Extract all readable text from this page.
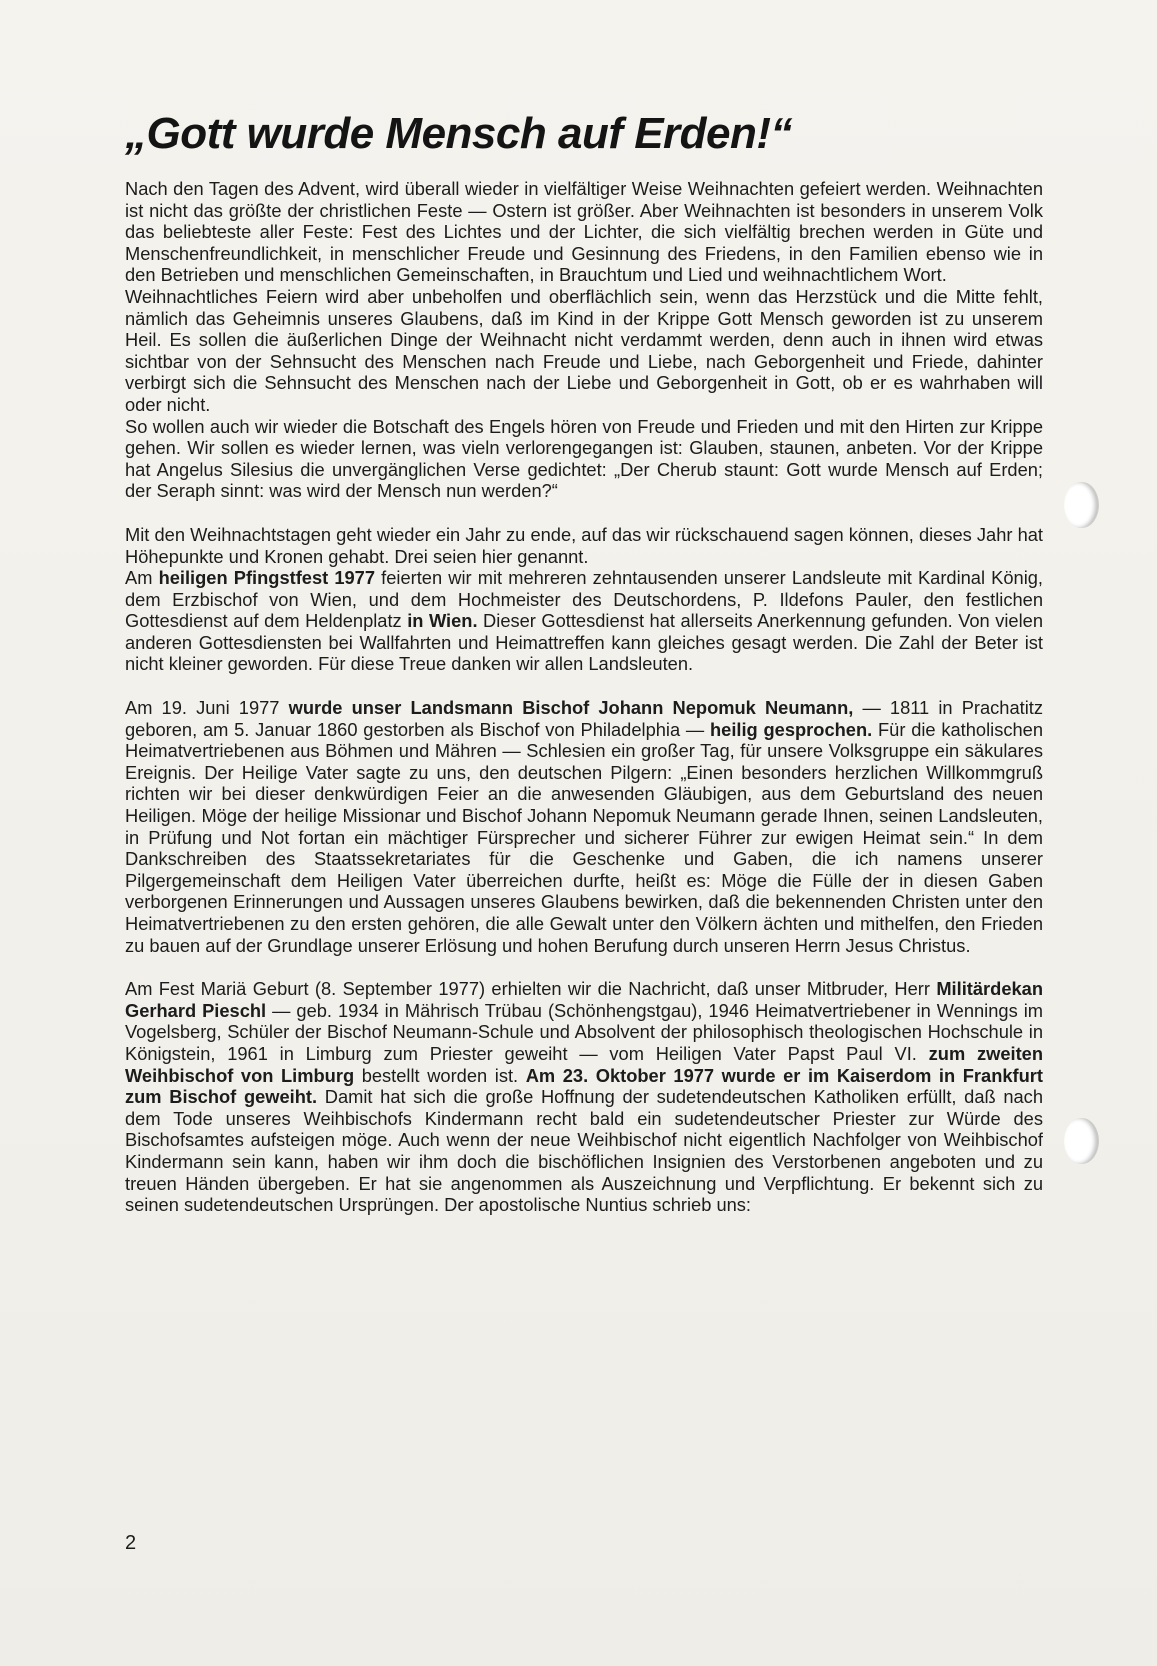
„Gott wurde Mensch auf Erden!“

Nach den Tagen des Advent, wird überall wieder in vielfältiger Weise Weihnachten gefeiert werden. Weihnachten ist nicht das größte der christlichen Feste — Ostern ist größer. Aber Weihnachten ist besonders in unserem Volk das beliebteste aller Feste: Fest des Lichtes und der Lichter, die sich vielfältig brechen werden in Güte und Menschenfreundlichkeit, in menschlicher Freude und Gesinnung des Friedens, in den Familien ebenso wie in den Betrieben und menschlichen Gemeinschaften, in Brauchtum und Lied und weihnachtlichem Wort.

Weihnachtliches Feiern wird aber unbeholfen und oberflächlich sein, wenn das Herzstück und die Mitte fehlt, nämlich das Geheimnis unseres Glaubens, daß im Kind in der Krippe Gott Mensch geworden ist zu unserem Heil. Es sollen die äußerlichen Dinge der Weihnacht nicht verdammt werden, denn auch in ihnen wird etwas sichtbar von der Sehnsucht des Menschen nach Freude und Liebe, nach Geborgenheit und Friede, dahinter verbirgt sich die Sehnsucht des Menschen nach der Liebe und Geborgenheit in Gott, ob er es wahrhaben will oder nicht.

So wollen auch wir wieder die Botschaft des Engels hören von Freude und Frieden und mit den Hirten zur Krippe gehen. Wir sollen es wieder lernen, was vieln verlorengegangen ist: Glauben, staunen, anbeten. Vor der Krippe hat Angelus Silesius die unvergänglichen Verse gedichtet: „Der Cherub staunt: Gott wurde Mensch auf Erden; der Seraph sinnt: was wird der Mensch nun werden?“

Mit den Weihnachtstagen geht wieder ein Jahr zu ende, auf das wir rückschauend sagen können, dieses Jahr hat Höhepunkte und Kronen gehabt. Drei seien hier genannt.

Am heiligen Pfingstfest 1977 feierten wir mit mehreren zehntausenden unserer Landsleute mit Kardinal König, dem Erzbischof von Wien, und dem Hochmeister des Deutschordens, P. Ildefons Pauler, den festlichen Gottesdienst auf dem Heldenplatz in Wien. Dieser Gottesdienst hat allerseits Anerkennung gefunden. Von vielen anderen Gottesdiensten bei Wallfahrten und Heimattreffen kann gleiches gesagt werden. Die Zahl der Beter ist nicht kleiner geworden. Für diese Treue danken wir allen Landsleuten.

Am 19. Juni 1977 wurde unser Landsmann Bischof Johann Nepomuk Neumann, — 1811 in Prachatitz geboren, am 5. Januar 1860 gestorben als Bischof von Philadelphia — heilig gesprochen. Für die katholischen Heimatvertriebenen aus Böhmen und Mähren — Schlesien ein großer Tag, für unsere Volksgruppe ein säkulares Ereignis. Der Heilige Vater sagte zu uns, den deutschen Pilgern: „Einen besonders herzlichen Willkommgruß richten wir bei dieser denkwürdigen Feier an die anwesenden Gläubigen, aus dem Geburtsland des neuen Heiligen. Möge der heilige Missionar und Bischof Johann Nepomuk Neumann gerade Ihnen, seinen Landsleuten, in Prüfung und Not fortan ein mächtiger Fürsprecher und sicherer Führer zur ewigen Heimat sein.“ In dem Dankschreiben des Staatssekretariates für die Geschenke und Gaben, die ich namens unserer Pilgergemeinschaft dem Heiligen Vater überreichen durfte, heißt es: Möge die Fülle der in diesen Gaben verborgenen Erinnerungen und Aussagen unseres Glaubens bewirken, daß die bekennenden Christen unter den Heimatvertriebenen zu den ersten gehören, die alle Gewalt unter den Völkern ächten und mithelfen, den Frieden zu bauen auf der Grundlage unserer Erlösung und hohen Berufung durch unseren Herrn Jesus Christus.

Am Fest Mariä Geburt (8. September 1977) erhielten wir die Nachricht, daß unser Mitbruder, Herr Militärdekan Gerhard Pieschl — geb. 1934 in Mährisch Trübau (Schönhengstgau), 1946 Heimatvertriebener in Wennings im Vogelsberg, Schüler der Bischof Neumann-Schule und Absolvent der philosophisch theologischen Hochschule in Königstein, 1961 in Limburg zum Priester geweiht — vom Heiligen Vater Papst Paul VI. zum zweiten Weihbischof von Limburg bestellt worden ist. Am 23. Oktober 1977 wurde er im Kaiserdom in Frankfurt zum Bischof geweiht. Damit hat sich die große Hoffnung der sudetendeutschen Katholiken erfüllt, daß nach dem Tode unseres Weihbischofs Kindermann recht bald ein sudetendeutscher Priester zur Würde des Bischofsamtes aufsteigen möge. Auch wenn der neue Weihbischof nicht eigentlich Nachfolger von Weihbischof Kindermann sein kann, haben wir ihm doch die bischöflichen Insignien des Verstorbenen angeboten und zu treuen Händen übergeben. Er hat sie angenommen als Auszeichnung und Verpflichtung. Er bekennt sich zu seinen sudetendeutschen Ursprüngen. Der apostolische Nuntius schrieb uns:

2
